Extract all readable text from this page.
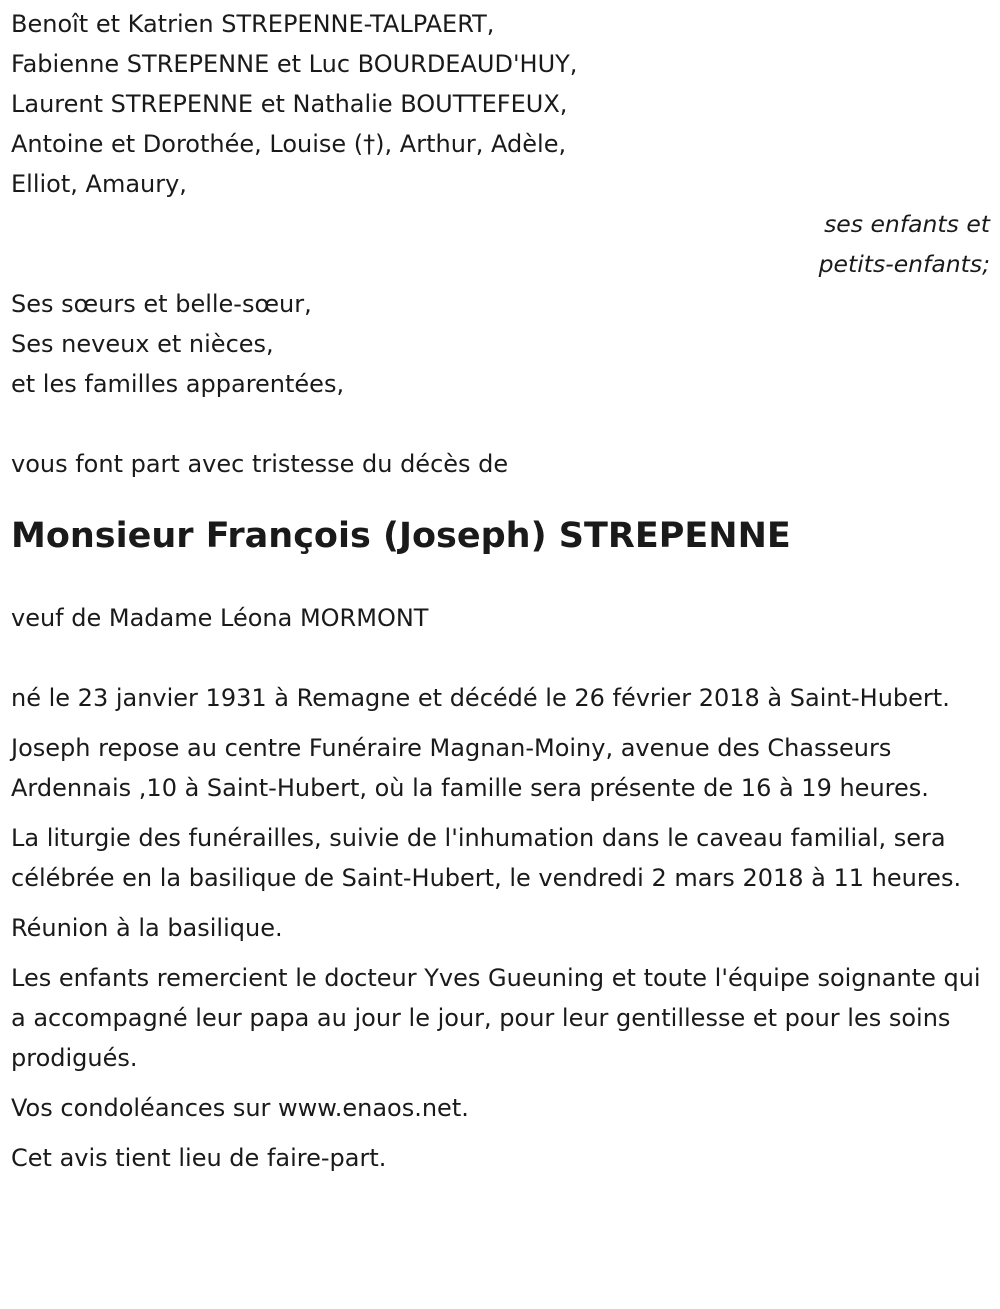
Benoît et Katrien STREPENNE-TALPAERT,

Fabienne STREPENNE et Luc BOURDEAUD'HUY,

Laurent STREPENNE et Nathalie BOUTTEFEUX,

Antoine et Dorothée, Louise (†), Arthur, Adèle,

Elliot, Amaury,

ses enfants et

petits-enfants;

Ses sœurs et belle-sœur,

Ses neveux et nièces,

et les familles apparentées,

vous font part avec tristesse du décès de

Monsieur François (Joseph) STREPENNE

veuf de Madame Léona MORMONT

né le 23 janvier 1931 à Remagne et décédé le 26 février 2018 à Saint-Hubert.

Joseph repose au centre Funéraire Magnan-Moiny, avenue des Chasseurs Ardennais ,10 à Saint-Hubert, où la famille sera présente de 16 à 19 heures.

La liturgie des funérailles, suivie de l'inhumation dans le caveau familial, sera célébrée en la basilique de Saint-Hubert, le vendredi 2 mars 2018 à 11 heures.

Réunion à la basilique.

Les enfants remercient le docteur Yves Gueuning et toute l'équipe soignante qui a accompagné leur papa au jour le jour, pour leur gentillesse et pour les soins prodigués.

Vos condoléances sur www.enaos.net.

Cet avis tient lieu de faire-part.
